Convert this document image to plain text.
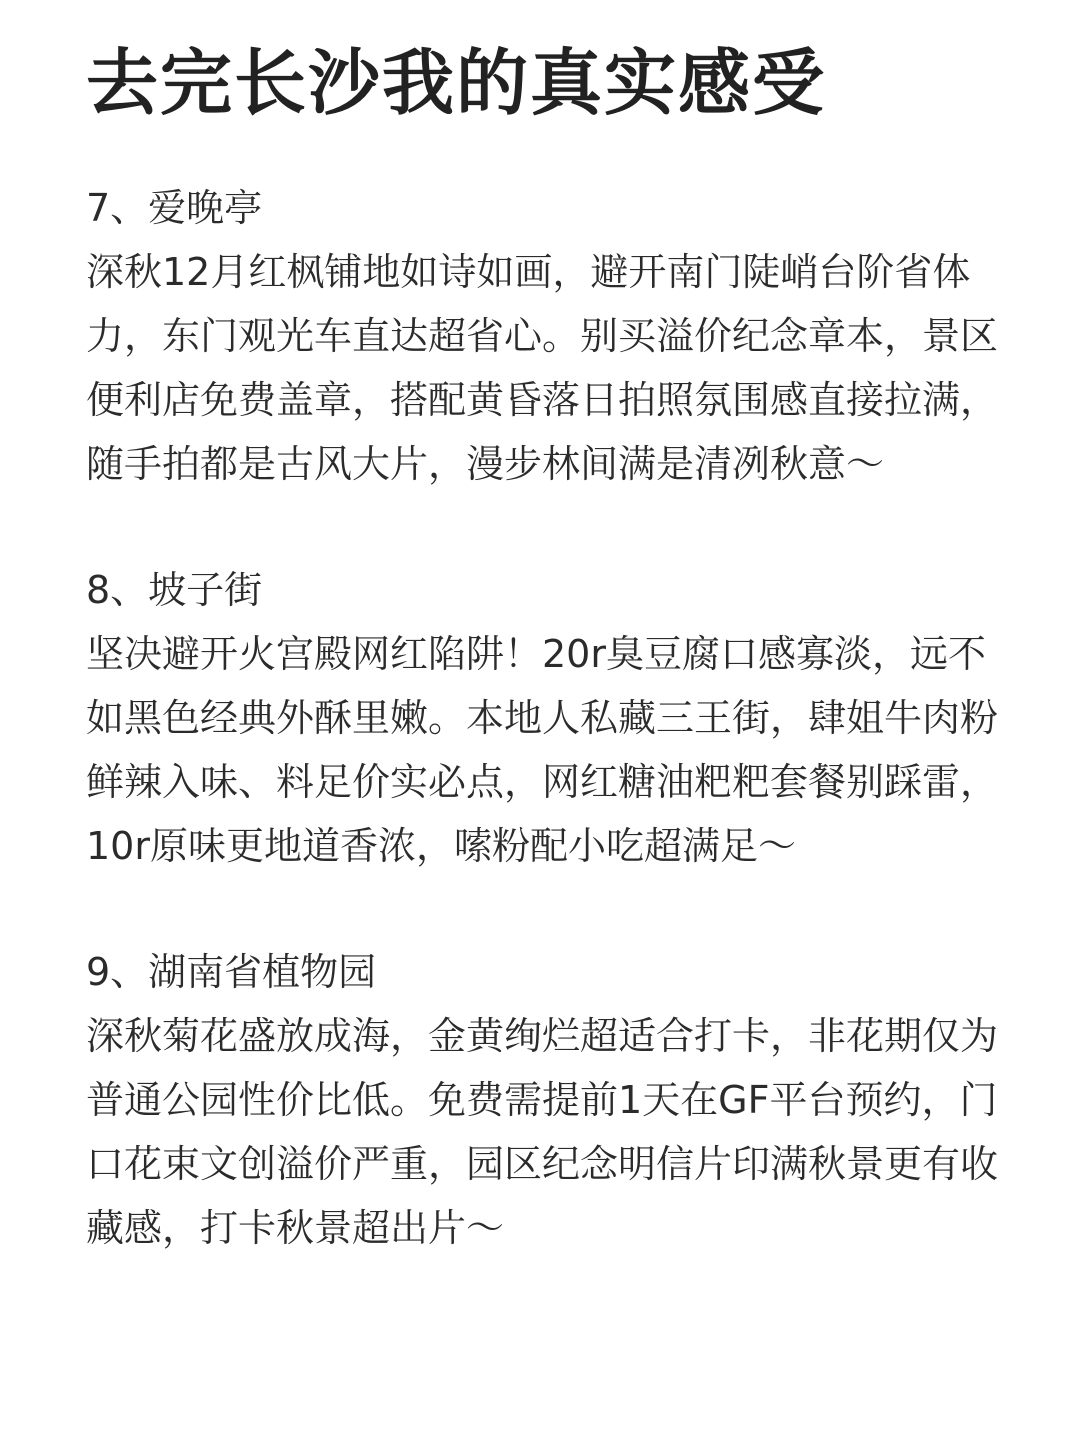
去完长沙我的真实感受

7、爱晚亭

深秋12月红枫铺地如诗如画，避开南门陡峭台阶省体力，东门观光车直达超省心。别买溢价纪念章本，景区便利店免费盖章，搭配黄昏落日拍照氛围感直接拉满，随手拍都是古风大片，漫步林间满是清冽秋意～

8、坡子街

坚决避开火宫殿网红陷阱！20r臭豆腐口感寡淡，远不如黑色经典外酥里嫩。本地人私藏三王街，肆姐牛肉粉鲜辣入味、料足价实必点，网红糖油粑粑套餐别踩雷，10r原味更地道香浓，嗦粉配小吃超满足～

9、湖南省植物园

深秋菊花盛放成海，金黄绚烂超适合打卡，非花期仅为普通公园性价比低。免费需提前1天在GF平台预约，门口花束文创溢价严重，园区纪念明信片印满秋景更有收藏感，打卡秋景超出片～
